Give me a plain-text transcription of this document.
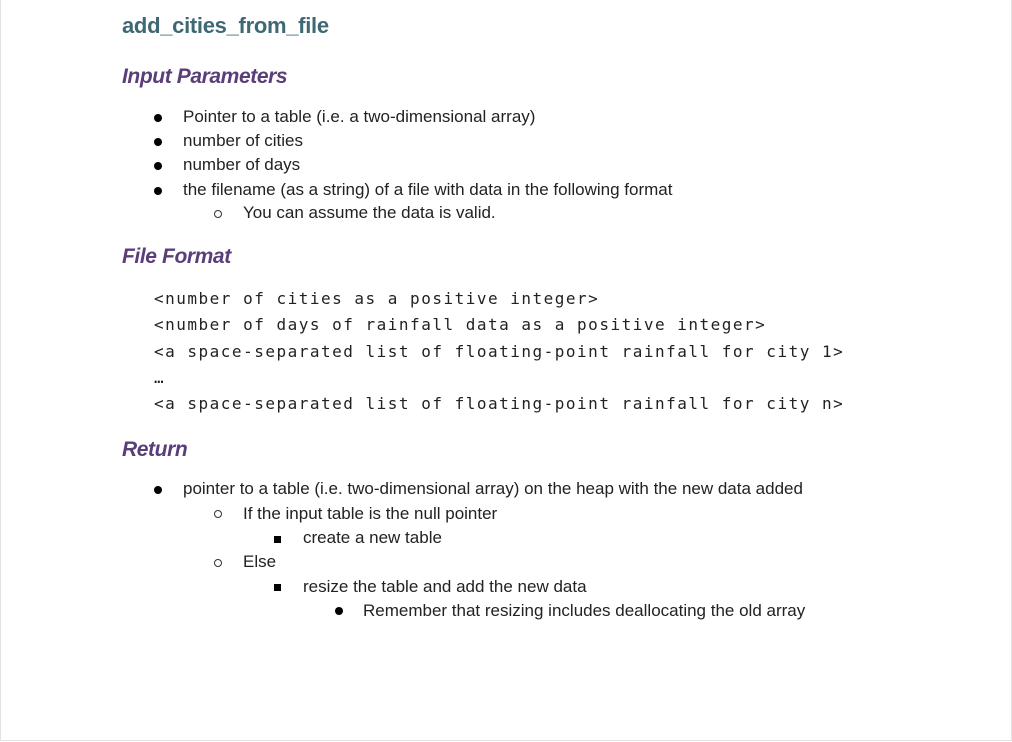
add_cities_from_file
Input Parameters
Pointer to a table (i.e. a two-dimensional array)
number of cities
number of days
the filename (as a string) of a file with data in the following format
You can assume the data is valid.
File Format
<number of cities as a positive integer>
<number of days of rainfall data as a positive integer>
<a space-separated list of floating-point rainfall for city 1>
…
<a space-separated list of floating-point rainfall for city n>
Return
pointer to a table (i.e. two-dimensional array) on the heap with the new data added
If the input table is the null pointer
create a new table
Else
resize the table and add the new data
Remember that resizing includes deallocating the old array
